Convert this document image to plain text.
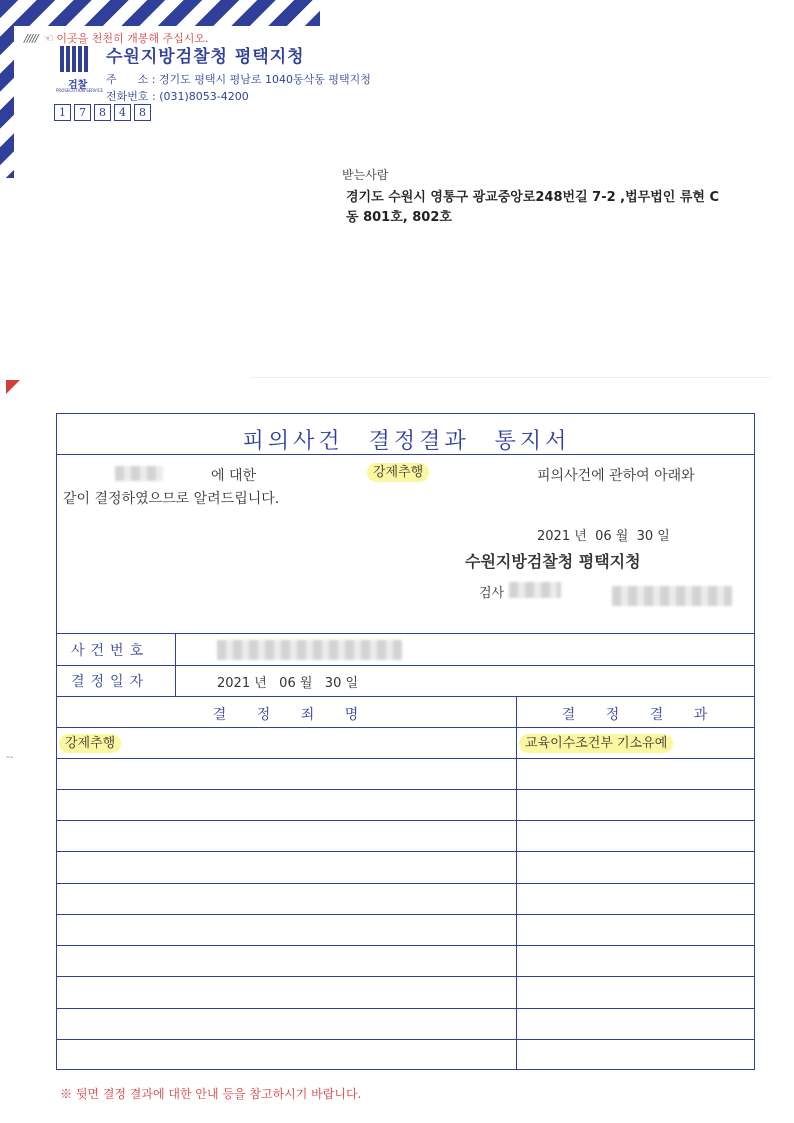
///// ☜ 이곳을 천천히 개봉해 주십시오.
검찰
PROSECUTION SERVICE
수원지방검찰청 평택지청
주      소 : 경기도 평택시 평남로 1040동삭동 평택지청
전화번호 : (031)8053-4200
1	7	8	4	8
받는사람
경기도 수원시 영통구 광교중앙로248번길 7-2 ,법무법인 류현 C동 801호, 802호
--
피의사건 결정결과 통지서
에 대한	강제추행	피의사건에 관하여 아래와
같이 결정하였으므로 알려드립니다.
2021 년 06 월 30 일
수원지방검찰청 평택지청
검사
사건번호
결정일자	2021 년   06 월   30 일
결 정 죄 명	결 정 결 과
강제추행	교육이수조건부 기소유예
※ 뒷면 결정 결과에 대한 안내 등을 참고하시기 바랍니다.
